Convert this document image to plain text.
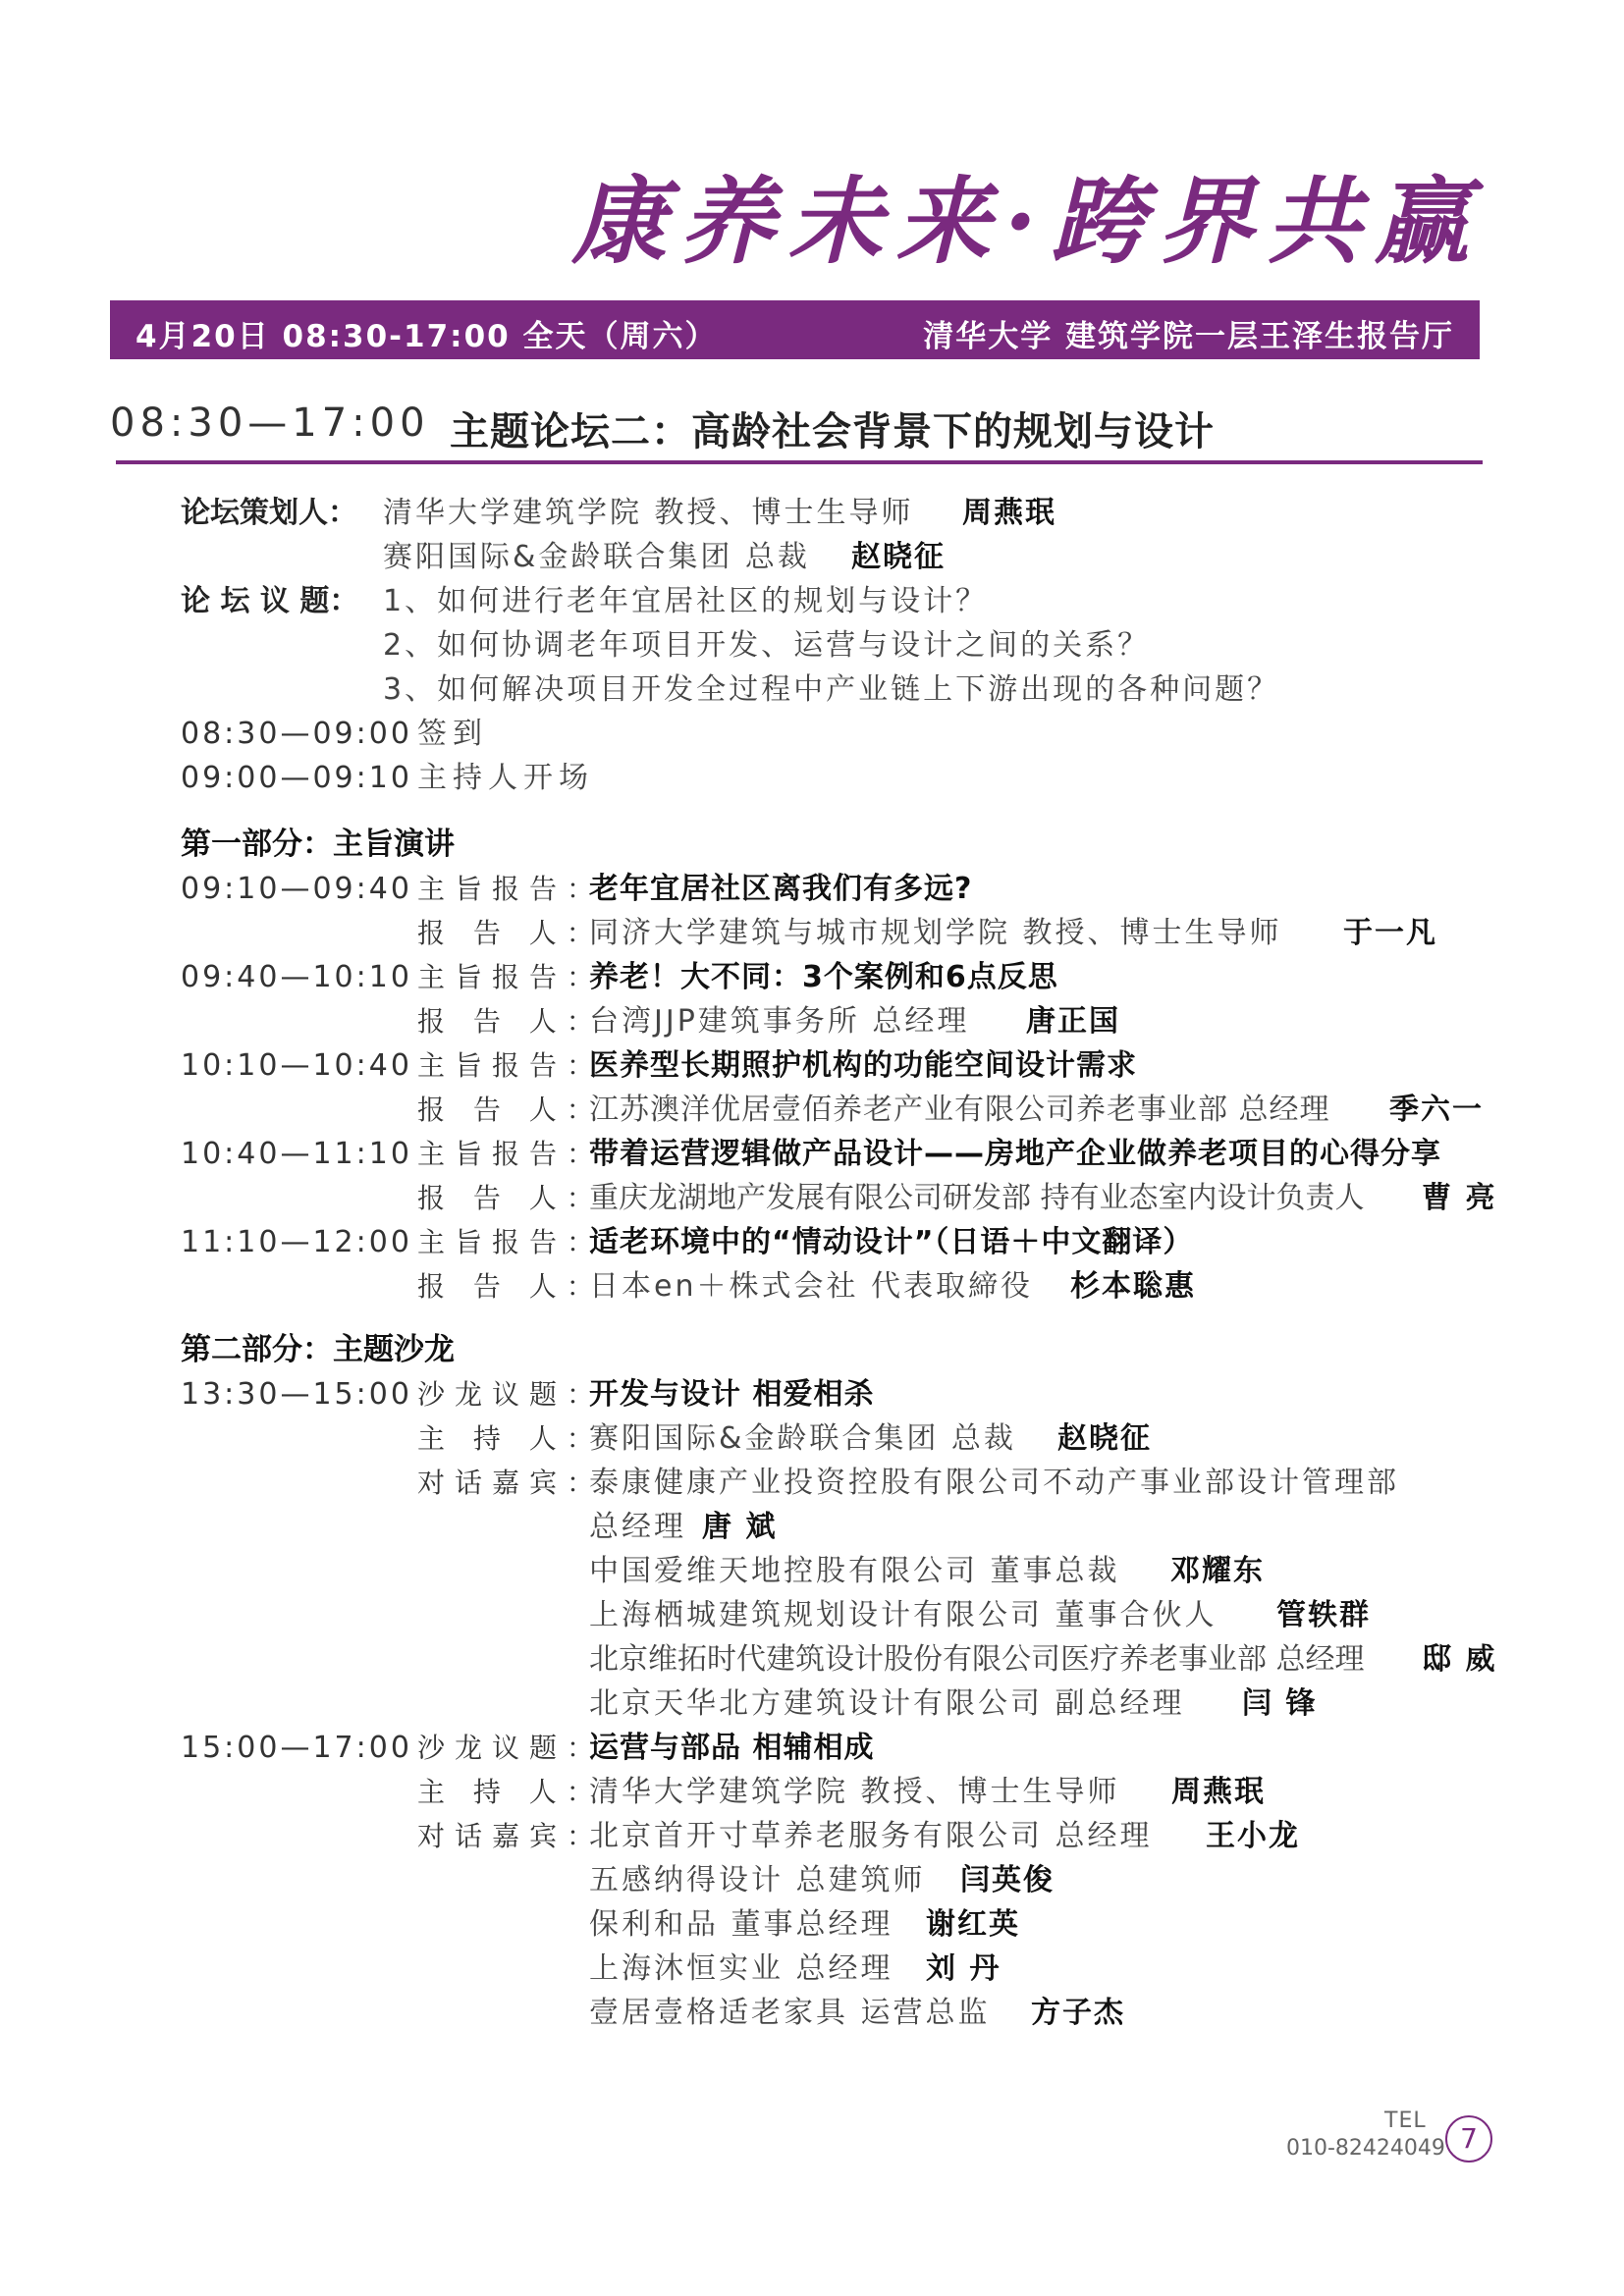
康养未来·跨界共赢
4月20日 08:30-17:00 全天（周六）	清华大学 建筑学院一层王泽生报告厅
08:30—17:00 主题论坛二：高龄社会背景下的规划与设计
论坛策划人： 清华大学建筑学院 教授、博士生导师 周燕珉
赛阳国际&金龄联合集团 总裁 赵晓征
论 坛 议 题： 1、如何进行老年宜居社区的规划与设计？
2、如何协调老年项目开发、运营与设计之间的关系？
3、如何解决项目开发全过程中产业链上下游出现的各种问题？
08:30—09:00 签到
09:00—09:10 主持人开场
第一部分：主旨演讲
09:10—09:40 主旨报告：
老年宜居社区离我们有多远?
报 告 人：
同济大学建筑与城市规划学院 教授、博士生导师 于一凡
09:40—10:10 主旨报告：
养老！大不同：3个案例和6点反思
报 告 人：
台湾JJP建筑事务所 总经理 唐正国
10:10—10:40 主旨报告：
医养型长期照护机构的功能空间设计需求
报 告 人：
江苏澳洋优居壹佰养老产业有限公司养老事业部 总经理 季六一
10:40—11:10 主旨报告：
带着运营逻辑做产品设计——房地产企业做养老项目的心得分享
报 告 人：
重庆龙湖地产发展有限公司研发部 持有业态室内设计负责人 曹 亮
11:10—12:00 主旨报告：
适老环境中的“情动设计”（日语＋中文翻译）
报 告 人：
日本en＋株式会社 代表取締役 杉本聡惠
第二部分：主题沙龙
13:30—15:00 沙龙议题：
开发与设计 相爱相杀
主 持 人：
赛阳国际&金龄联合集团 总裁 赵晓征
对话嘉宾：
泰康健康产业投资控股有限公司不动产事业部设计管理部
总经理 唐 斌
中国爱维天地控股有限公司 董事总裁 邓耀东
上海栖城建筑规划设计有限公司 董事合伙人 管轶群
北京维拓时代建筑设计股份有限公司医疗养老事业部 总经理 邸 威
北京天华北方建筑设计有限公司 副总经理 闫 锋
15:00—17:00 沙龙议题：
运营与部品 相辅相成
主 持 人：
清华大学建筑学院 教授、博士生导师 周燕珉
对话嘉宾：
北京首开寸草养老服务有限公司 总经理 王小龙
五感纳得设计 总建筑师 闫英俊
保利和品 董事总经理 谢红英
上海沐恒实业 总经理 刘 丹
壹居壹格适老家具 运营总监 方子杰
TEL
010-82424049 7
